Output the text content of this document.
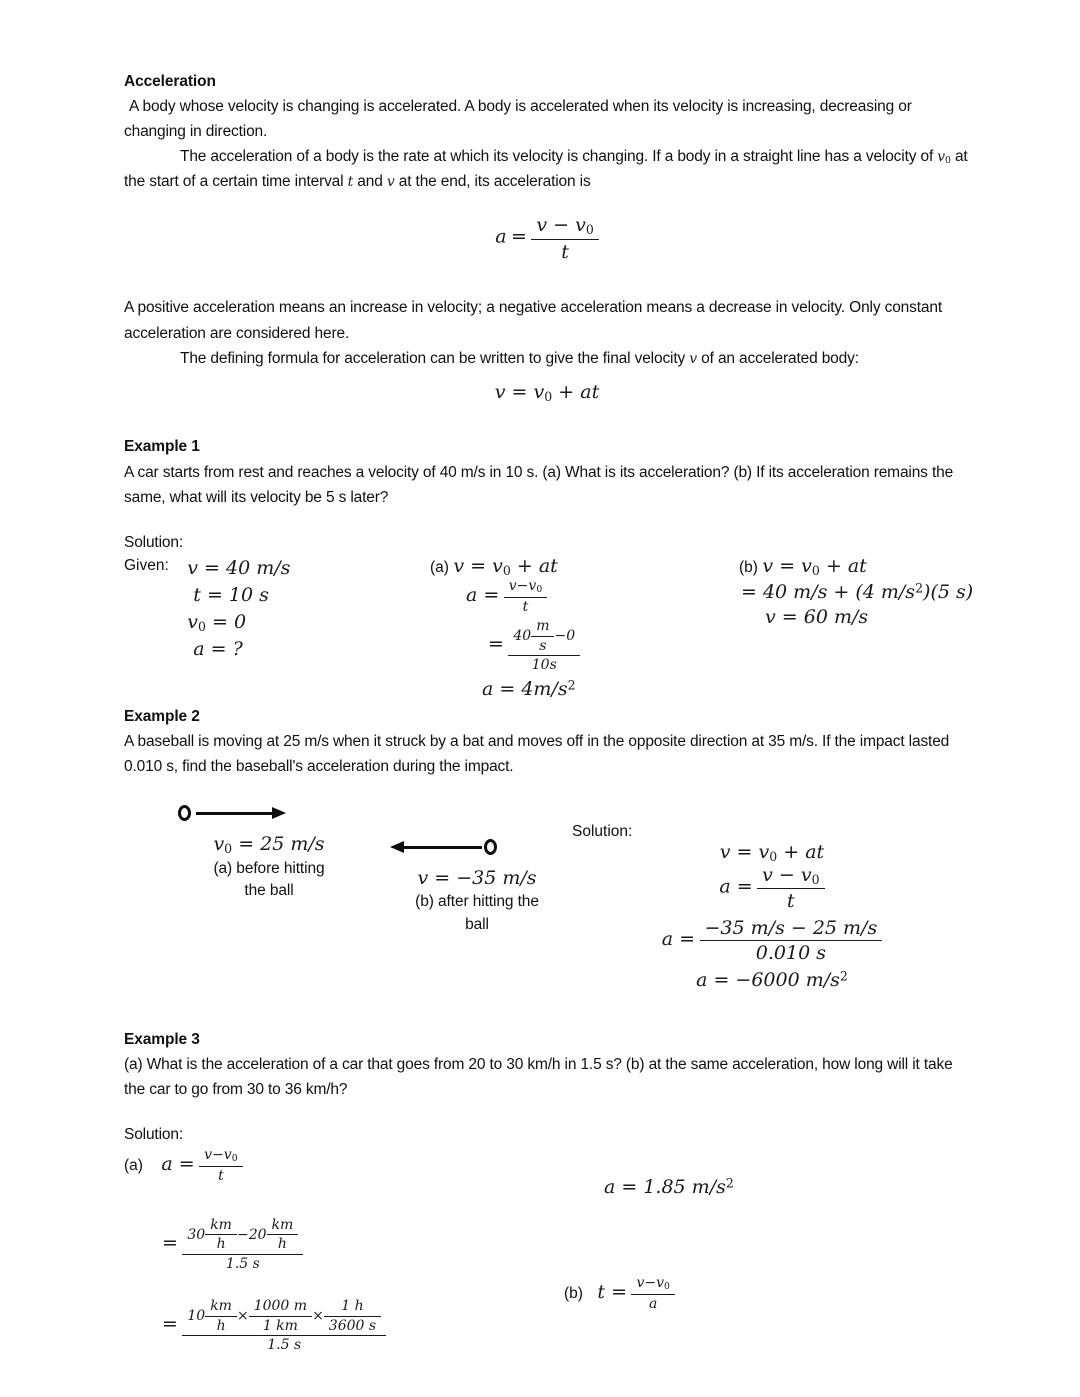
Acceleration
A body whose velocity is changing is accelerated. A body is accelerated when its velocity is increasing, decreasing or changing in direction.
The acceleration of a body is the rate at which its velocity is changing. If a body in a straight line has a velocity of $v_0$ at the start of a certain time interval t and v at the end, its acceleration is
$a = \frac{v - v_0}{t}$
A positive acceleration means an increase in velocity; a negative acceleration means a decrease in velocity. Only constant acceleration are considered here.
The defining formula for acceleration can be written to give the final velocity v of an accelerated body:
$v = v_0$ + at
Example 1
A car starts from rest and reaches a velocity of 40 m/s in 10 s. (a) What is its acceleration? (b) If its acceleration remains the same, what will its velocity be 5 s later?
Solution:
Given: v = 40 m/s
t = 10 s
$v_0 = 0$
a = ?
(a) $v = v_0$ + at
$a = \frac{v-v_0}{t}$
= $\frac{40 \frac{m}{s} -0}{10s}$
$a = 4m/s^2$
(b) $v = v_0$ + at
= 40 m/s + (4 $m/s^2)(5$ s)
v = 60 m/s
Example 2
A baseball is moving at 25 m/s when it struck by a bat and moves off in the opposite direction at 35 m/s. If the impact lasted 0.010 s, find the baseball's acceleration during the impact.
$v_0 = 25$ m/s
(a) before hitting
the ball
v = −35 m/s
(b) after hitting the
ball
Solution:
$v = v_0$ + at
$a = \frac{v - v_0}{t}$
$a = \frac{-35 m/s - 25 m/s}{0.010 s}$
a = −6000 $m/s^2$
Example 3
(a) What is the acceleration of a car that goes from 20 to 30 km/h in 1.5 s? (b) at the same acceleration, how long will it take the car to go from 30 to 36 km/h?
Solution:
(a) $a = \frac{v-v_0}{t}$
= $\frac{30 \frac{km}{h} -20 \frac{km}{h}}{1.5 s}$
= $\frac{10 \frac{km}{h} \times \frac{1000 m}{1 km} \times \frac{1 h}{3600 s}}{1.5 s}$
a = 1.85 $m/s^2$
(b) $t = \frac{v-v_0}{a}$
